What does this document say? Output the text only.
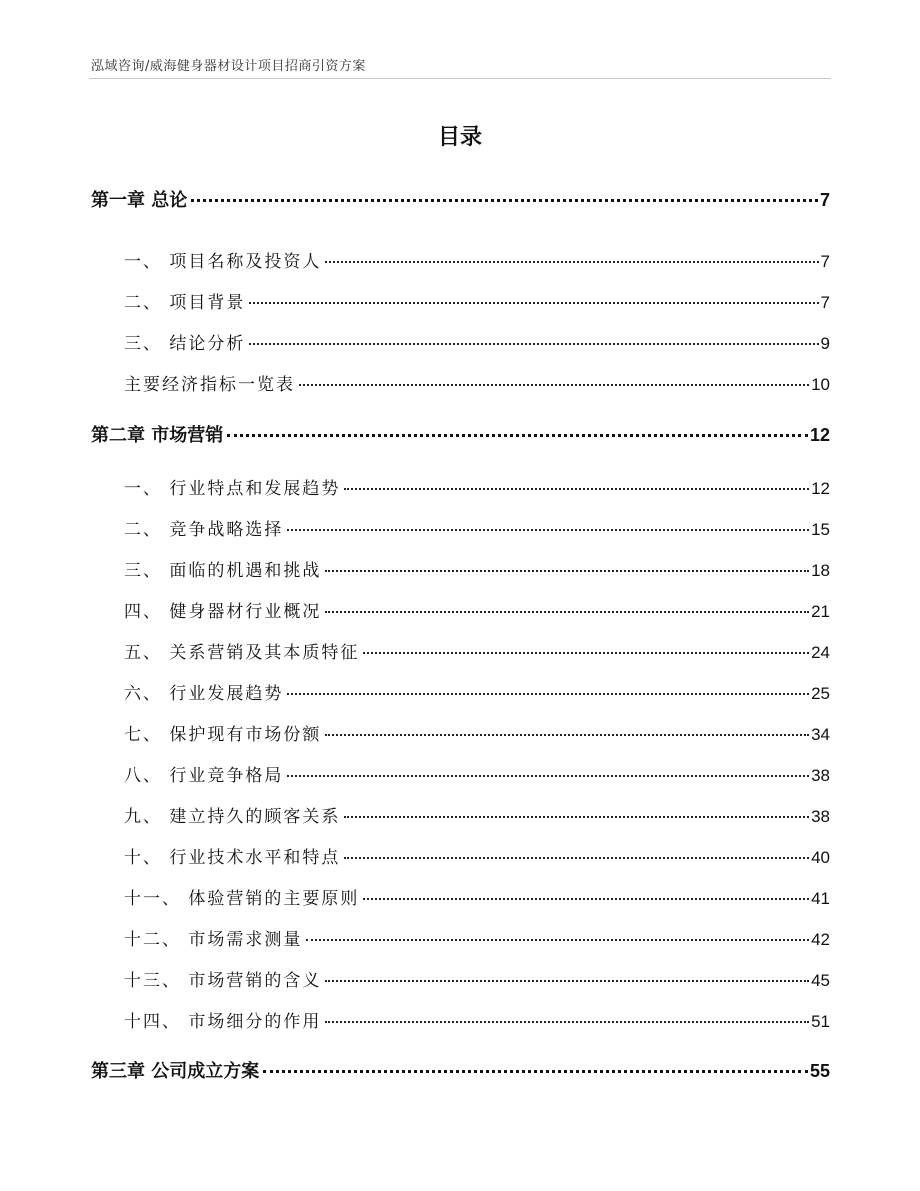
泓域咨询/威海健身器材设计项目招商引资方案
目录
第一章 总论	7
一、 项目名称及投资人	7
二、 项目背景	7
三、 结论分析	9
主要经济指标一览表	10
第二章 市场营销	12
一、 行业特点和发展趋势	12
二、 竞争战略选择	15
三、 面临的机遇和挑战	18
四、 健身器材行业概况	21
五、 关系营销及其本质特征	24
六、 行业发展趋势	25
七、 保护现有市场份额	34
八、 行业竞争格局	38
九、 建立持久的顾客关系	38
十、 行业技术水平和特点	40
十一、 体验营销的主要原则	41
十二、 市场需求测量	42
十三、 市场营销的含义	45
十四、 市场细分的作用	51
第三章 公司成立方案	55
